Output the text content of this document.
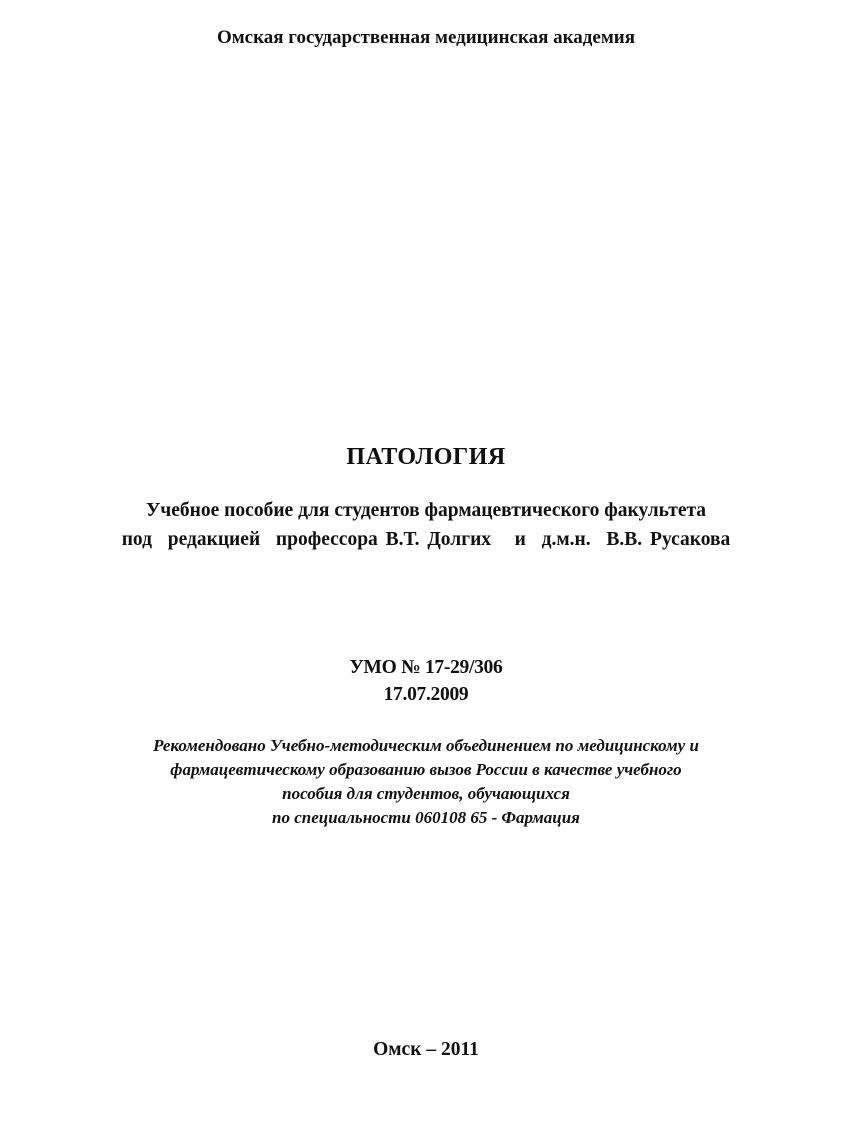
Омская государственная медицинская академия
ПАТОЛОГИЯ
Учебное пособие для студентов фармацевтического факультета
под  редакцией  профессора В.Т. Долгих   и  д.м.н.  В.В. Русакова
УМО № 17-29/306
17.07.2009
Рекомендовано Учебно-методическим объединением по медицинскому и
фармацевтическому образованию вызов России в качестве учебного
пособия для студентов, обучающихся
по специальности 060108 65 - Фармация
Омск – 2011
